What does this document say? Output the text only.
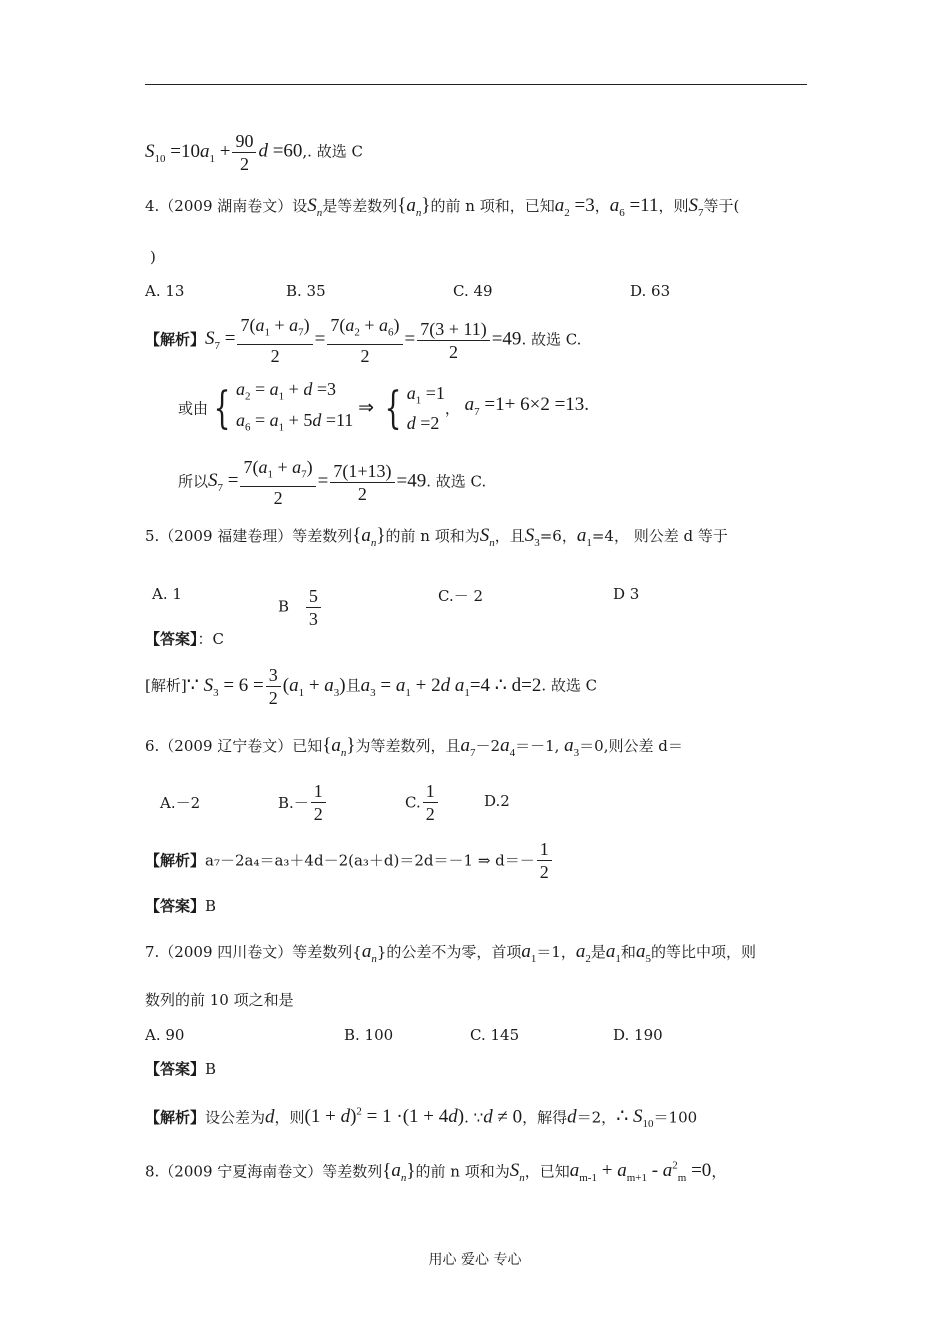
$S_{10} =10a_1 + \frac{90}{2}$ d =60,. 故选 C
4.（2009 湖南卷文）设$S_n$是等差数列$\{a_n\}$的前 n 项和，已知$a_2 =3$，$a_6 =11$，则$S_7$等于(
)
A. 13	B. 35	C. 49	D. 63
【解析】$S_7 = \frac{7(a_1 + a_7)}{2} = \frac{7(a_2 + a_6)}{2} = \frac{7(3 + 11)}{2} =49$. 故选 C.
或由 { $a_2 = a_1 + d =3$
$a_6 = a_1 + 5d =11$
⇒ { $a_1 =1$
d =2
， $a_7 =1+ 6\times 2 =13$.
所以$S_7 = \frac{7(a_1 + a_7)}{2} = \frac{7(1+13)}{2} =49$. 故选 C.
5.（2009 福建卷理）等差数列$\{a_n\}$的前 n 项和为$S_n$，且$S_3=6$，$a_1=4$， 则公差 d 等于
A. 1
B $\frac{5}{3}$	C.－ 2	D 3
【答案】：C
[解析]∵ $S_3 = 6 = \frac{3}{2} (a_1 + a_3)$且$a_3 = a_1 + 2d$ $a_1=4$ ∴ d=2. 故选 C
6.（2009 辽宁卷文）已知$\{a_n\}$为等差数列，且$a_7-2a_4=-1$, $a_3=0$,则公差 d＝
A.－2	$B.- \frac{1}{2}$	C. $\frac{1}{2}$	D.2
【解析】a₇－2a₄＝a₃＋4d－2(a₃＋d)＝2d＝－1 ⇒ $d=- \frac{1}{2}$
【答案】B
7.（2009 四川卷文）等差数列$\{a_n\}$的公差不为零，首项$a_1=1$，$a_2$是$a_1$和$a_5$的等比中项，则
数列的前 10 项之和是
A. 90	B. 100	C. 145	D. 190
【答案】B
【解析】设公差为d，则$(1 + d)^2 = 1 \cdot(1 + 4d)$. ∵d ≠ 0，解得d＝2，∴ $S_{10}=100$
8.（2009 宁夏海南卷文）等差数列$\{a_n\}$的前 n 项和为$S_n$，已知$a_{m-1} + a_{m+1} - a^2_m =0$，
用心 爱心 专心
